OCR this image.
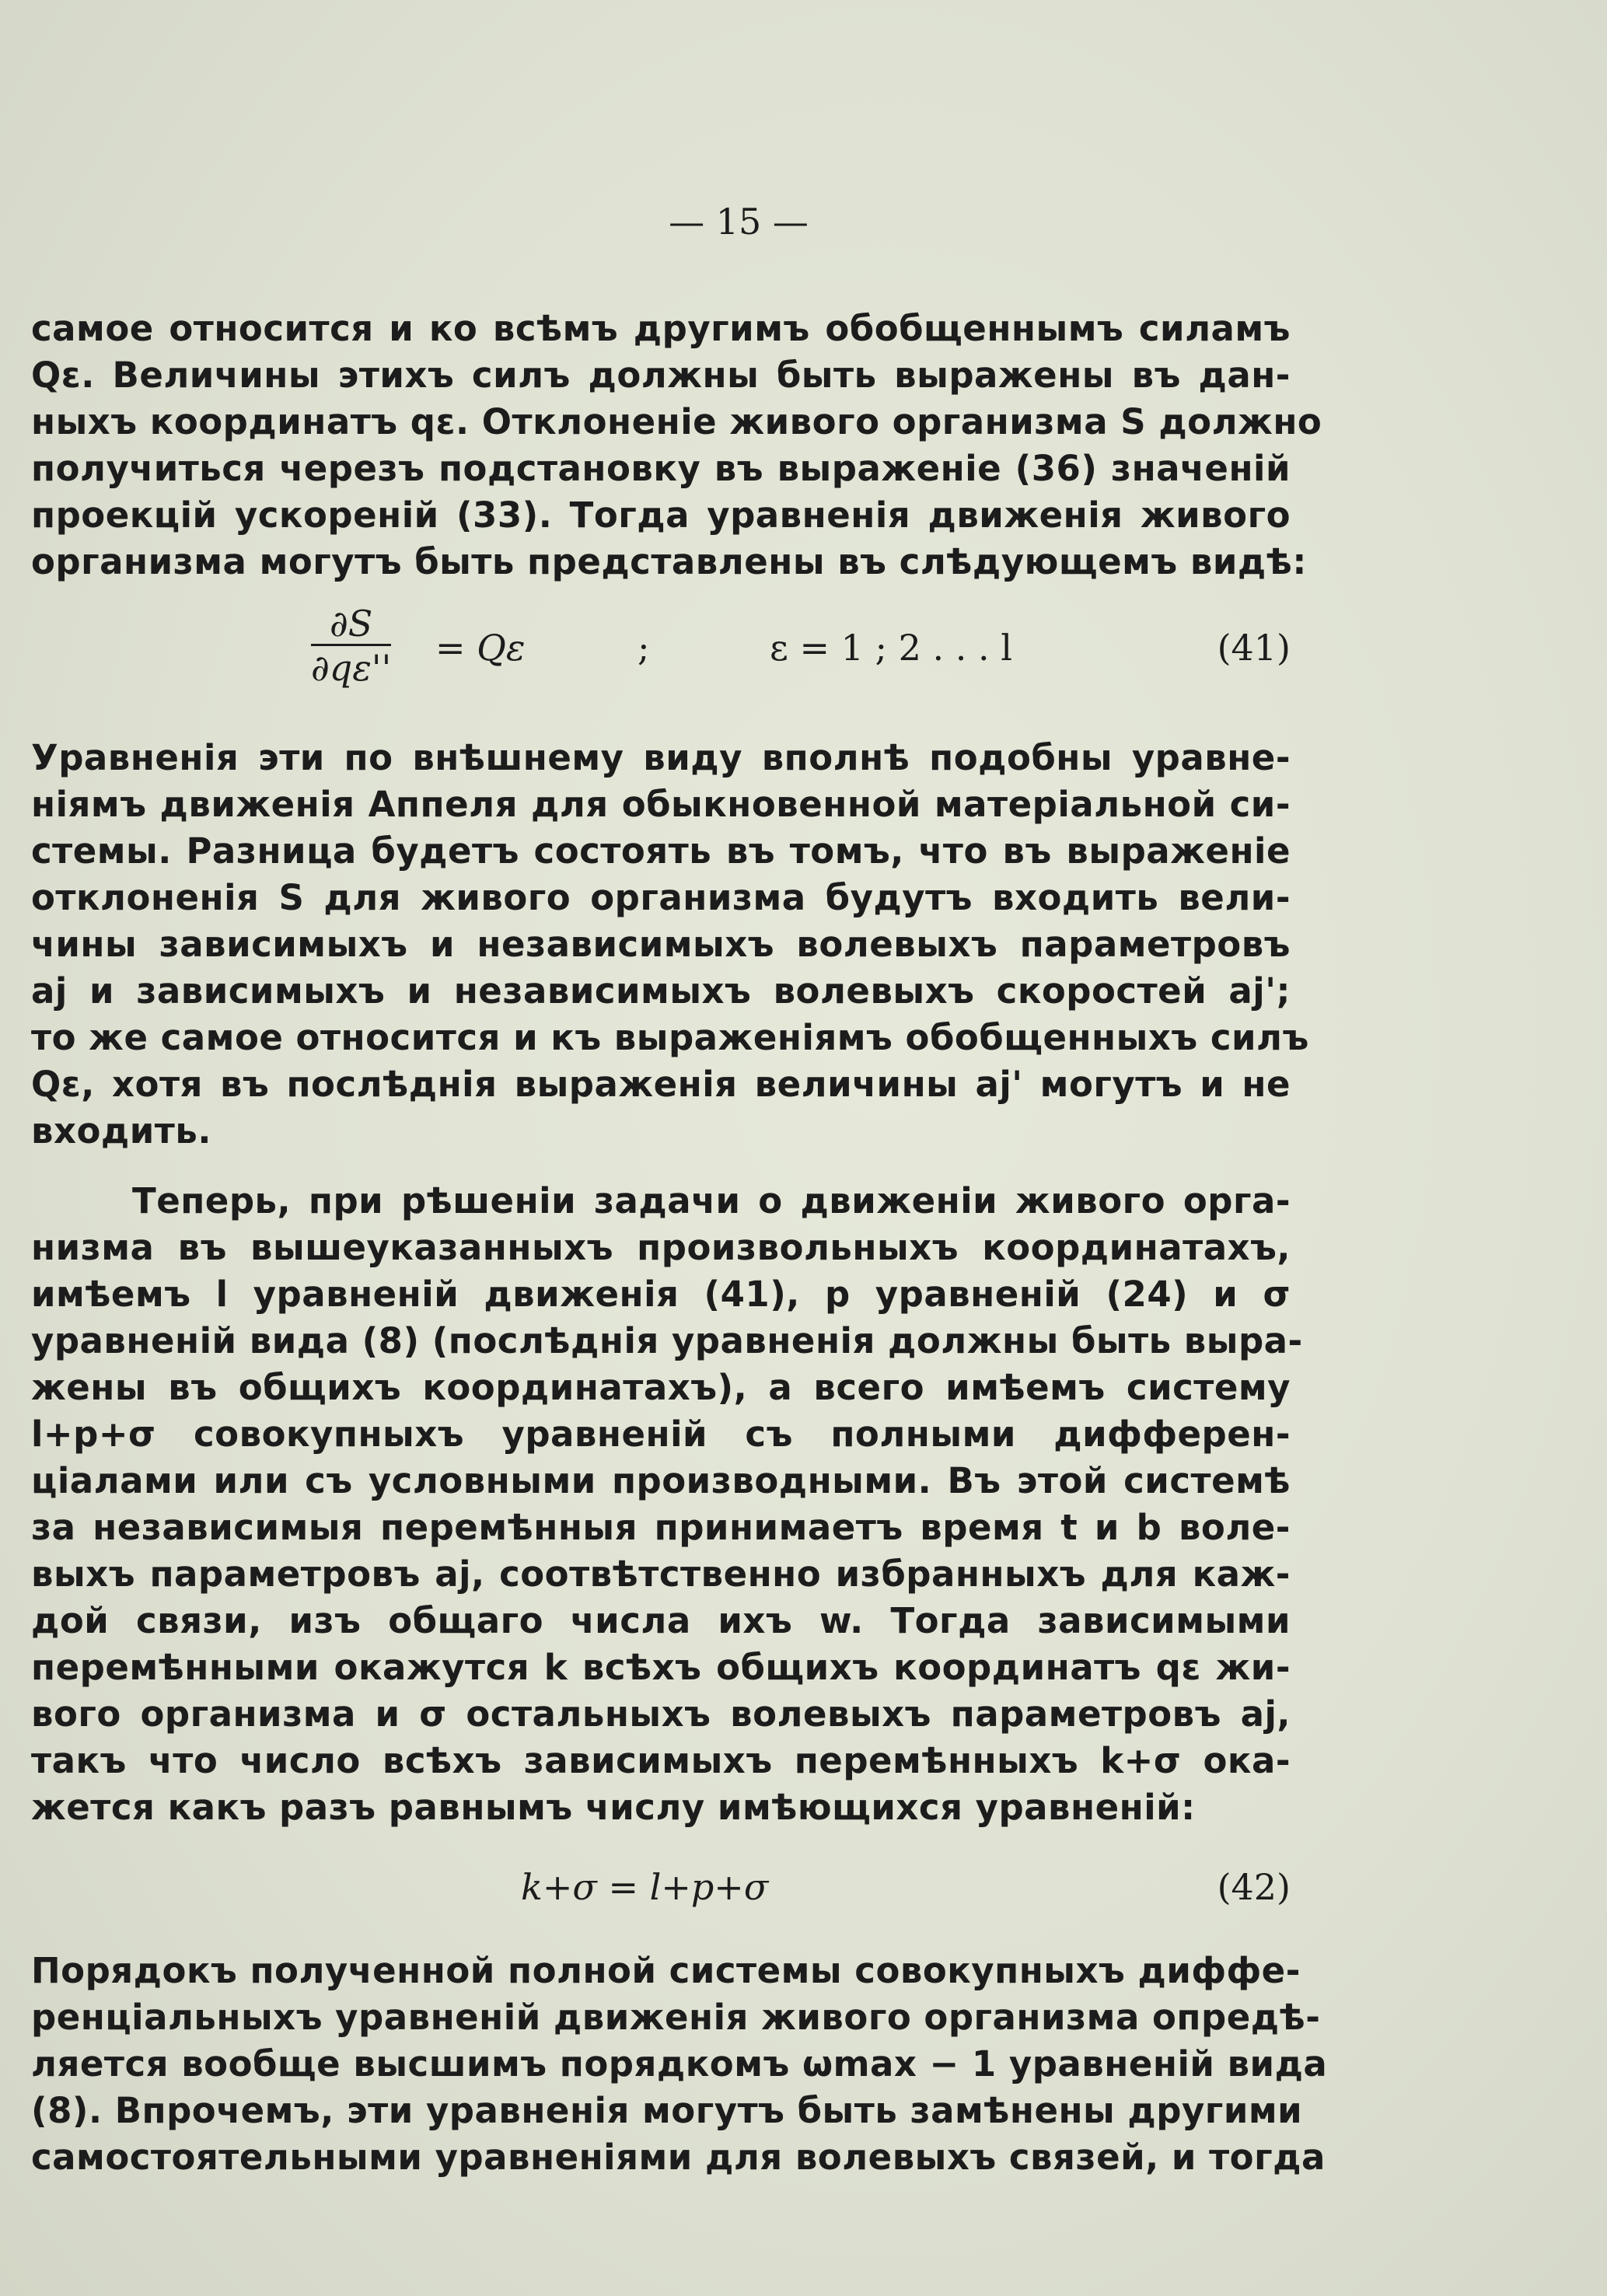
— 15 —
самое относится и ко всѣмъ другимъ обобщеннымъ силамъ
Qε. Величины этихъ силъ должны быть выражены въ дан-
ныхъ координатъ qε. Отклоненіе живого организма S должно
получиться черезъ подстановку въ выраженіе (36) значеній
проекцій ускореній (33). Тогда уравненія движенія живого
организма могутъ быть представлены въ слѣдующемъ видѣ:
$\frac{\partial S}{\partial q\varepsilon''} = Q\varepsilon$	;	ε = 1 ; 2 . . . l	(41)
Уравненія эти по внѣшнему виду вполнѣ подобны уравне-
ніямъ движенія Аппеля для обыкновенной матеріальной си-
стемы. Разница будетъ состоять въ томъ, что въ выраженіе
отклоненія S для живого организма будутъ входить вели-
чины зависимыхъ и независимыхъ волевыхъ параметровъ
aj и зависимыхъ и независимыхъ волевыхъ скоростей aj';
то же самое относится и къ выраженіямъ обобщенныхъ силъ
Qε, хотя въ послѣднія выраженія величины aj' могутъ и не
входить.
Теперь, при рѣшеніи задачи о движеніи живого орга-
низма въ вышеуказанныхъ произвольныхъ координатахъ,
имѣемъ l уравненій движенія (41), p уравненій (24) и σ
уравненій вида (8) (послѣднія уравненія должны быть выра-
жены въ общихъ координатахъ), а всего имѣемъ систему
l+p+σ совокупныхъ уравненій съ полными дифферен-
ціалами или съ условными производными. Въ этой системѣ
за независимыя перемѣнныя принимаетъ время t и b воле-
выхъ параметровъ aj, соотвѣтственно избранныхъ для каж-
дой связи, изъ общаго числа ихъ w. Тогда зависимыми
перемѣнными окажутся k всѣхъ общихъ координатъ qε жи-
вого организма и σ остальныхъ волевыхъ параметровъ aj,
такъ что число всѣхъ зависимыхъ перемѣнныхъ k+σ ока-
жется какъ разъ равнымъ числу имѣющихся уравненій:
k+σ = l+p+σ	(42)
Порядокъ полученной полной системы совокупныхъ диффе-
ренціальныхъ уравненій движенія живого организма опредѣ-
ляется вообще высшимъ порядкомъ ωmax − 1 уравненій вида
(8). Впрочемъ, эти уравненія могутъ быть замѣнены другими
самостоятельными уравненіями для волевыхъ связей, и тогда
